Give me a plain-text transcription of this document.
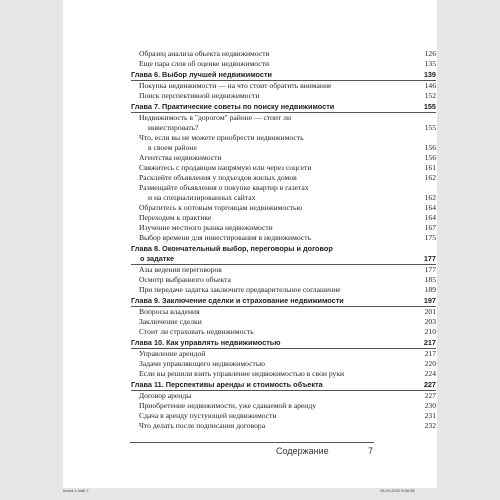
Образец анализа объекта недвижимости	126
Еще пара слов об оценке недвижимости	135
Глава 6. Выбор лучшей недвижимости	139
Покупка недвижимости — на что стоит обратить внимание	146
Поиск перспективной недвижимости	152
Глава 7. Практические советы по поиску недвижимости	155
Недвижимость в "дорогом" районе — стоит ли
инвестировать?	155
Что, если вы не можете приобрести недвижимость
в своем районе	156
Агентства недвижимости	156
Свяжитесь с продавцом напрямую или через соцсети	161
Расклейте объявления у подъездов жилых домов	162
Размещайте объявления о покупке квартир в газетах
и на специализированных сайтах	162
Обратитесь к оптовым торговцам недвижимостью	164
Переходим к практике	164
Изучение местного рынка недвижимости	167
Выбор времени для инвестирования в недвижимость	175
Глава 8. Окончательный выбор, переговоры и договор
о задатке	177
Азы ведения переговоров	177
Осмотр выбранного объекта	185
При передаче задатка заключите предварительное соглашение	189
Глава 9. Заключение сделки и страхование недвижимости	197
Вопросы владения	201
Заключение сделки	203
Стоит ли страховать недвижимость	210
Глава 10. Как управлять недвижимостью	217
Управление арендой	217
Задачи управляющего недвижимостью	220
Если вы решили взять управление недвижимостью в свои руки	224
Глава 11. Перспективы аренды и стоимость объекта	227
Договор аренды	227
Приобретение недвижимости, уже сдаваемой в аренду	230
Сдача в аренду пустующей недвижимости	231
Что делать после подписания договора	232
Содержание	7
Книга 1.indb 7	28.09.2020 9:56:38
